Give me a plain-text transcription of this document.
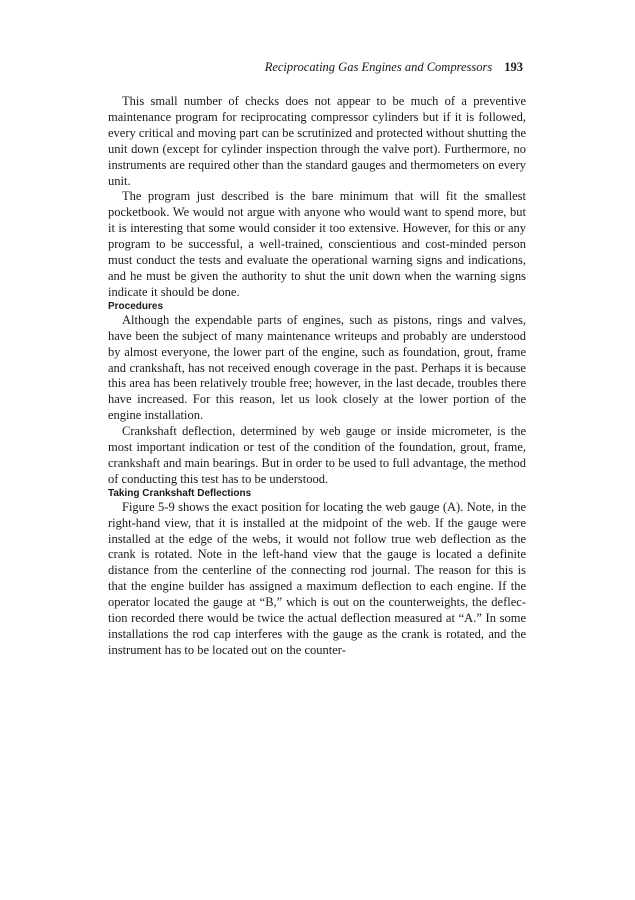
Reciprocating Gas Engines and Compressors 193

This small number of checks does not appear to be much of a preventive maintenance program for reciprocating compressor cylinders but if it is followed, every critical and moving part can be scrutinized and protected without shutting the unit down (except for cylinder inspection through the valve port). Furthermore, no instruments are required other than the standard gauges and thermometers on every unit.

The program just described is the bare minimum that will fit the smallest pocketbook. We would not argue with anyone who would want to spend more, but it is interesting that some would consider it too extensive. However, for this or any program to be successful, a well-trained, conscientious and cost-minded person must conduct the tests and evaluate the operational warning signs and indications, and he must be given the authority to shut the unit down when the warning signs indicate it should be done.

Procedures

Although the expendable parts of engines, such as pistons, rings and valves, have been the subject of many maintenance writeups and probably are understood by almost everyone, the lower part of the engine, such as foundation, grout, frame and crankshaft, has not received enough coverage in the past. Perhaps it is because this area has been relatively trouble free; however, in the last decade, troubles there have increased. For this reason, let us look closely at the lower portion of the engine installation.

Crankshaft deflection, determined by web gauge or inside micrometer, is the most important indication or test of the condition of the foundation, grout, frame, crankshaft and main bearings. But in order to be used to full advantage, the method of conducting this test has to be understood.

Taking Crankshaft Deflections

Figure 5-9 shows the exact position for locating the web gauge (A). Note, in the right-hand view, that it is installed at the midpoint of the web. If the gauge were installed at the edge of the webs, it would not follow true web deflection as the crank is rotated. Note in the left-hand view that the gauge is located a definite distance from the centerline of the connecting rod journal. The reason for this is that the engine builder has assigned a maximum deflection to each engine. If the operator located the gauge at “B,” which is out on the counterweights, the deflection recorded there would be twice the actual deflection measured at “A.” In some installations the rod cap interferes with the gauge as the crank is rotated, and the instrument has to be located out on the counter-
